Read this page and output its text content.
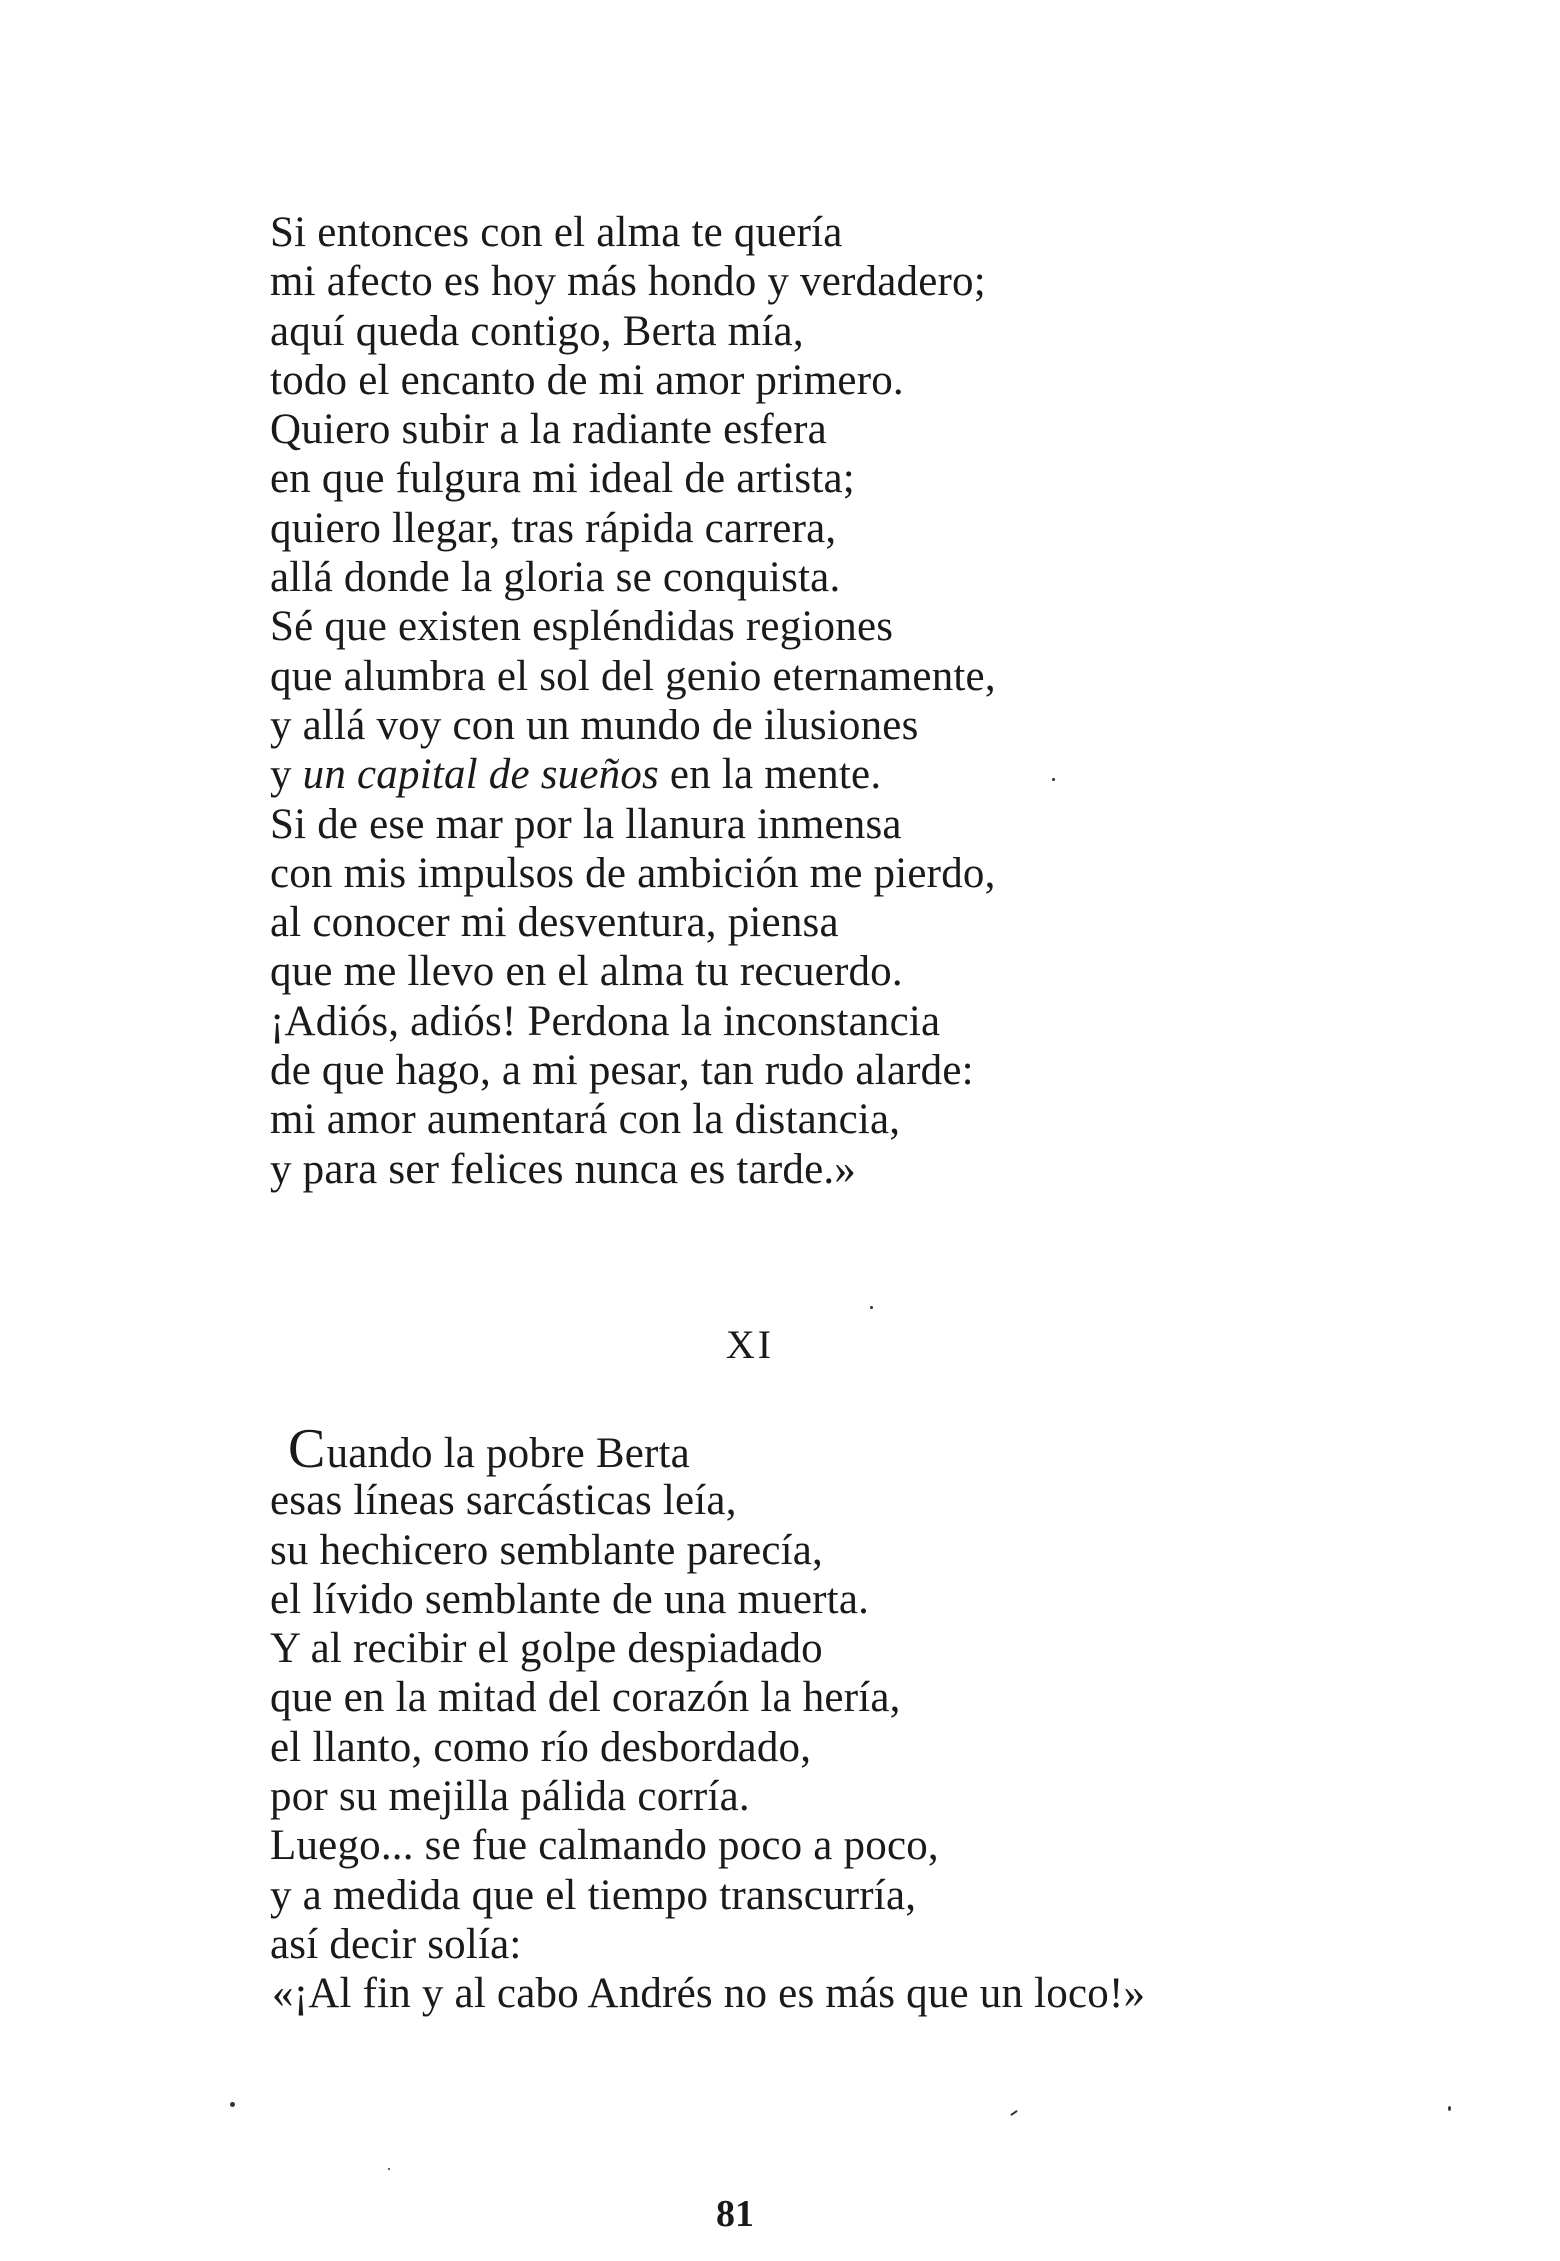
Si entonces con el alma te quería
mi afecto es hoy más hondo y verdadero;
aquí queda contigo, Berta mía,
todo el encanto de mi amor primero.
Quiero subir a la radiante esfera
en que fulgura mi ideal de artista;
quiero llegar, tras rápida carrera,
allá donde la gloria se conquista.
Sé que existen espléndidas regiones
que alumbra el sol del genio eternamente,
y allá voy con un mundo de ilusiones
y un capital de sueños en la mente.
Si de ese mar por la llanura inmensa
con mis impulsos de ambición me pierdo,
al conocer mi desventura, piensa
que me llevo en el alma tu recuerdo.
¡Adiós, adiós! Perdona la inconstancia
de que hago, a mi pesar, tan rudo alarde:
mi amor aumentará con la distancia,
y para ser felices nunca es tarde.»
XI
Cuando la pobre Berta
esas líneas sarcásticas leía,
su hechicero semblante parecía,
el lívido semblante de una muerta.
Y al recibir el golpe despiadado
que en la mitad del corazón la hería,
el llanto, como río desbordado,
por su mejilla pálida corría.
Luego... se fue calmando poco a poco,
y a medida que el tiempo transcurría,
así decir solía:
«¡Al fin y al cabo Andrés no es más que un loco!»
81
